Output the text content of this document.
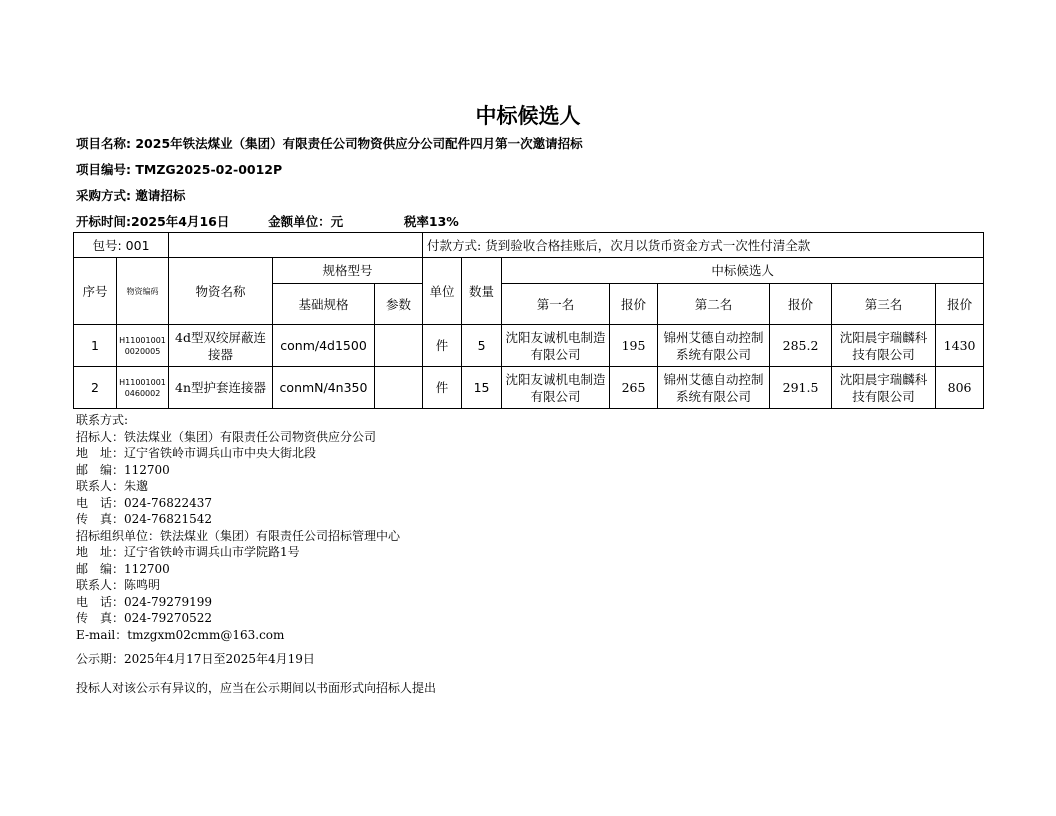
中标候选人
项目名称: 2025年铁法煤业（集团）有限责任公司物资供应分公司配件四月第一次邀请招标
项目编号: TMZG2025-02-0012P
采购方式: 邀请招标
开标时间:2025年4月16日	金额单位：元	税率13%
包号: 001					付款方式: 货到验收合格挂账后，次月以货币资金方式一次性付清全款							
序号	物资编码	物资名称	规格型号		单位	数量	中标候选人					
			基础规格	参数			第一名	报价	第二名	报价	第三名	报价
1	H110010010020005	4d型双绞屏蔽连接器	conm/4d1500		件	5	沈阳友诚机电制造有限公司	195	锦州艾德自动控制系统有限公司	285.2	沈阳晨宇瑞麟科技有限公司	1430
2	H110010010460002	4n型护套连接器	conmN/4n350		件	15	沈阳友诚机电制造有限公司	265	锦州艾德自动控制系统有限公司	291.5	沈阳晨宇瑞麟科技有限公司	806
联系方式:
招标人：铁法煤业（集团）有限责任公司物资供应分公司
地　址：辽宁省铁岭市调兵山市中央大街北段
邮　编：112700
联系人：朱邈
电　话：024-76822437
传　真：024-76821542
招标组织单位：铁法煤业（集团）有限责任公司招标管理中心
地　址：辽宁省铁岭市调兵山市学院路1号
邮　编：112700
联系人：陈鸣明
电　话：024-79279199
传　真：024-79270522
E-mail：tmzgxm02cmm@163.com
公示期：2025年4月17日至2025年4月19日
投标人对该公示有异议的，应当在公示期间以书面形式向招标人提出
